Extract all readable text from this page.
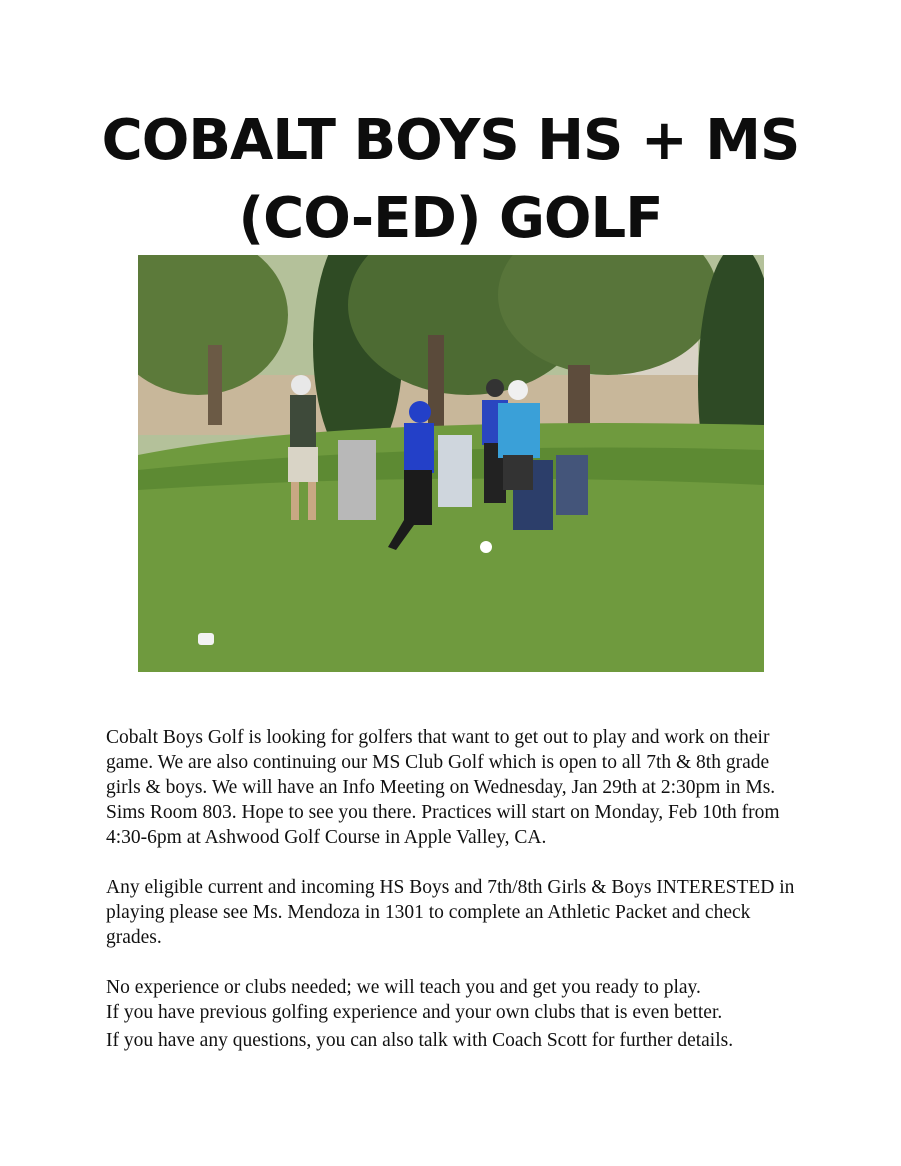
COBALT BOYS HS + MS
(CO-ED) GOLF

Cobalt Boys Golf is looking for golfers that want to get out to play and work on their game. We are also continuing our MS Club Golf which is open to all 7th & 8th grade girls & boys. We will have an Info Meeting on Wednesday, Jan 29th at 2:30pm in Ms. Sims Room 803. Hope to see you there. Practices will start on Monday, Feb 10th from 4:30-6pm at Ashwood Golf Course in Apple Valley, CA.

Any eligible current and incoming HS Boys and 7th/8th Girls & Boys INTERESTED in playing please see Ms. Mendoza in 1301 to complete an Athletic Packet and check grades.

No experience or clubs needed; we will teach you and get you ready to play.
If you have previous golfing experience and your own clubs that is even better.

If you have any questions, you can also talk with Coach Scott for further details.
